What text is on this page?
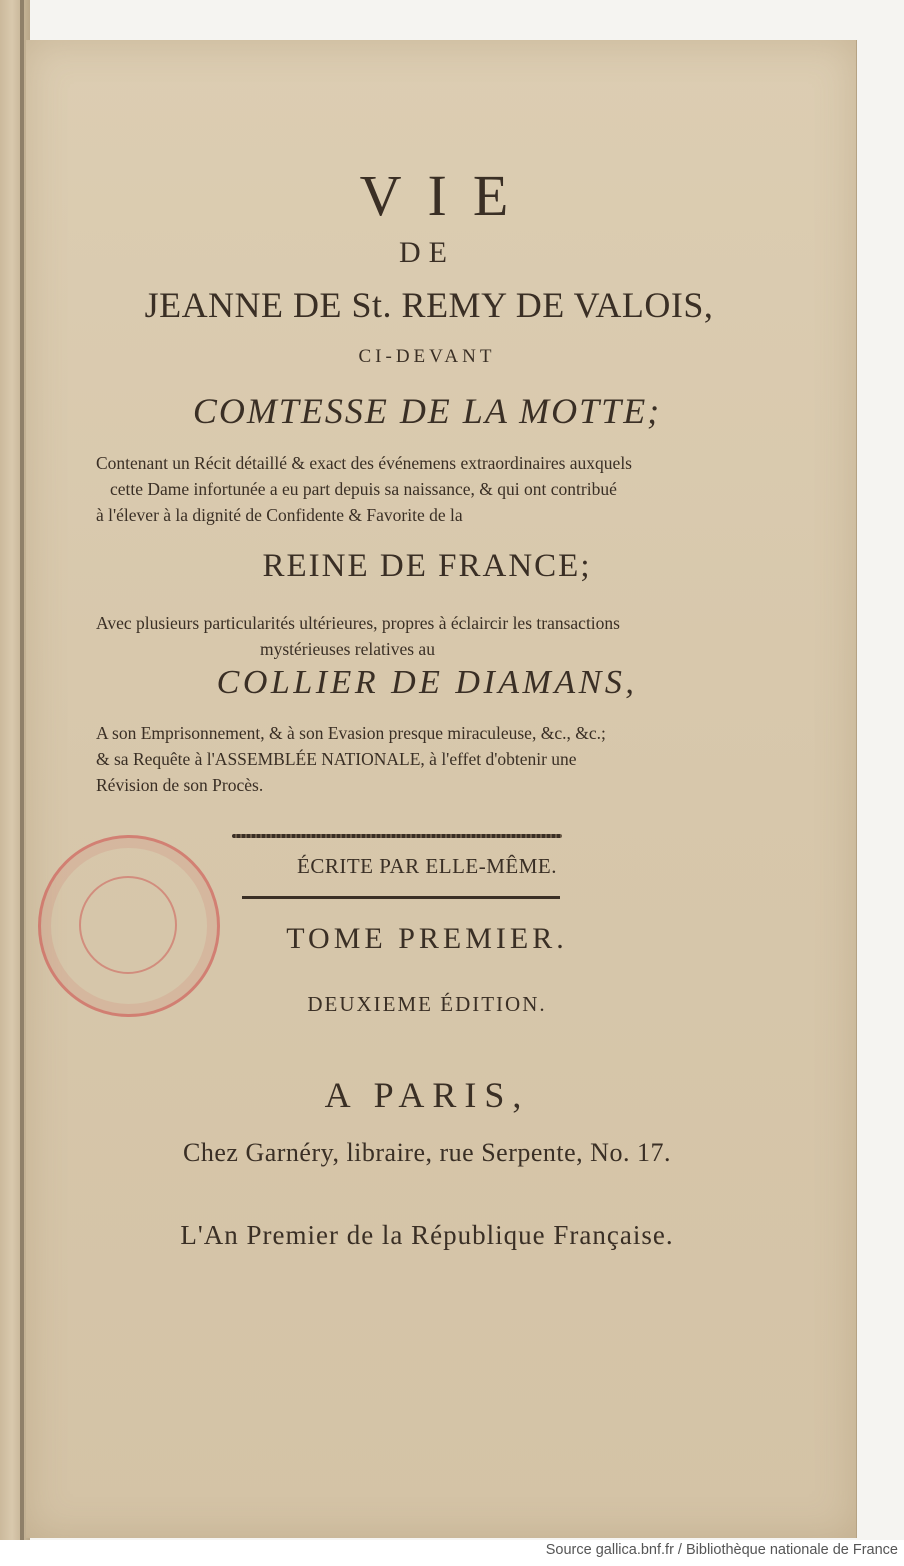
VIE
DE
JEANNE DE St. REMY DE VALOIS,
CI-DEVANT
COMTESSE DE LA MOTTE;
Contenant un Récit détaillé & exact des événemens extraordinaires auxquels
cette Dame infortunée a eu part depuis sa naissance, & qui ont contribué
à l'élever à la dignité de Confidente & Favorite de la
REINE DE FRANCE;
Avec plusieurs particularités ultérieures, propres à éclaircir les transactions
mystérieuses relatives au
COLLIER DE DIAMANS,
A son Emprisonnement, & à son Evasion presque miraculeuse, &c., &c.;
& sa Requête à l'ASSEMBLÉE NATIONALE, à l'effet d'obtenir une
Révision de son Procès.
ÉCRITE PAR ELLE-MÊME.
TOME PREMIER.
DEUXIEME ÉDITION.
A PARIS,
Chez Garnéry, libraire, rue Serpente, No. 17.
L'An Premier de la République Française.
Source gallica.bnf.fr / Bibliothèque nationale de France
